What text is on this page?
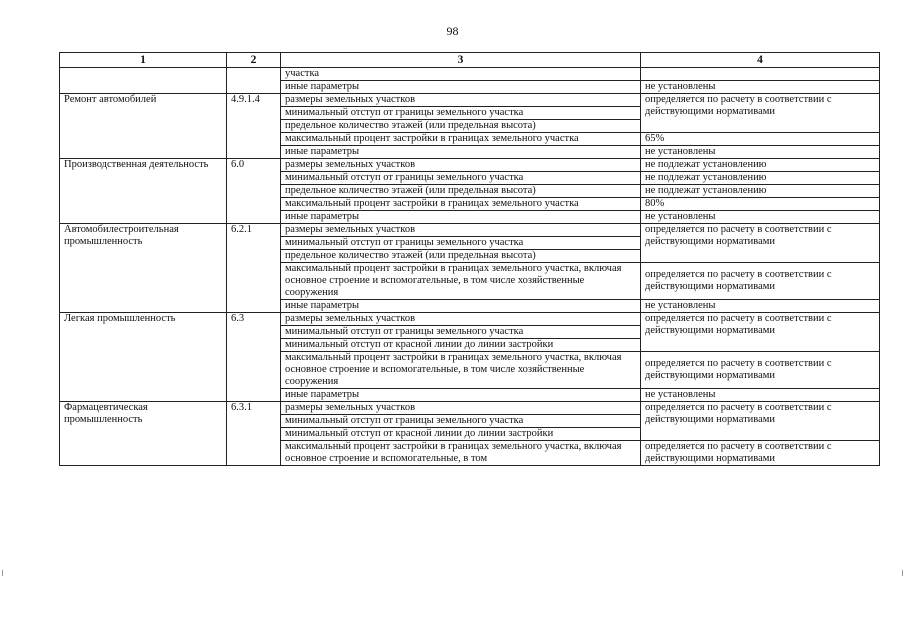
98
1	2	3	4
		участка	
		иные параметры	не установлены
Ремонт автомобилей	4.9.1.4	размеры земельных участков	определяется по расчету в соответствии с действующими нормативами
		минимальный отступ от границы земельного участка	
		предельное количество этажей (или предельная высота)	
		максимальный процент застройки в границах земельного участка	65%
		иные параметры	не установлены
Производственная деятельность	6.0	размеры земельных участков	не подлежат установлению
		минимальный отступ от границы земельного участка	не подлежат установлению
		предельное количество этажей (или предельная высота)	не подлежат установлению
		максимальный процент застройки в границах земельного участка	80%
		иные параметры	не установлены
Автомобилестроительная промышленность	6.2.1	размеры земельных участков	определяется по расчету в соответствии с действующими нормативами
		минимальный отступ от границы земельного участка	
		предельное количество этажей (или предельная высота)	
		максимальный процент застройки в границах земельного участка, включая основное строение и вспомогательные, в том числе хозяйственные сооружения	определяется по расчету в соответствии с действующими нормативами
		иные параметры	не установлены
Легкая промышленность	6.3	размеры земельных участков	определяется по расчету в соответствии с действующими нормативами
		минимальный отступ от границы земельного участка	
		минимальный отступ от красной линии до линии застройки	
		максимальный процент застройки в границах земельного участка, включая основное строение и вспомогательные, в том числе хозяйственные сооружения	определяется по расчету в соответствии с действующими нормативами
		иные параметры	не установлены
Фармацевтическая промышленность	6.3.1	размеры земельных участков	определяется по расчету в соответствии с действующими нормативами
		минимальный отступ от границы земельного участка	
		минимальный отступ от красной линии до линии застройки	
		максимальный процент застройки в границах земельного участка, включая основное строение и вспомогательные, в том	определяется по расчету в соответствии с действующими нормативами
